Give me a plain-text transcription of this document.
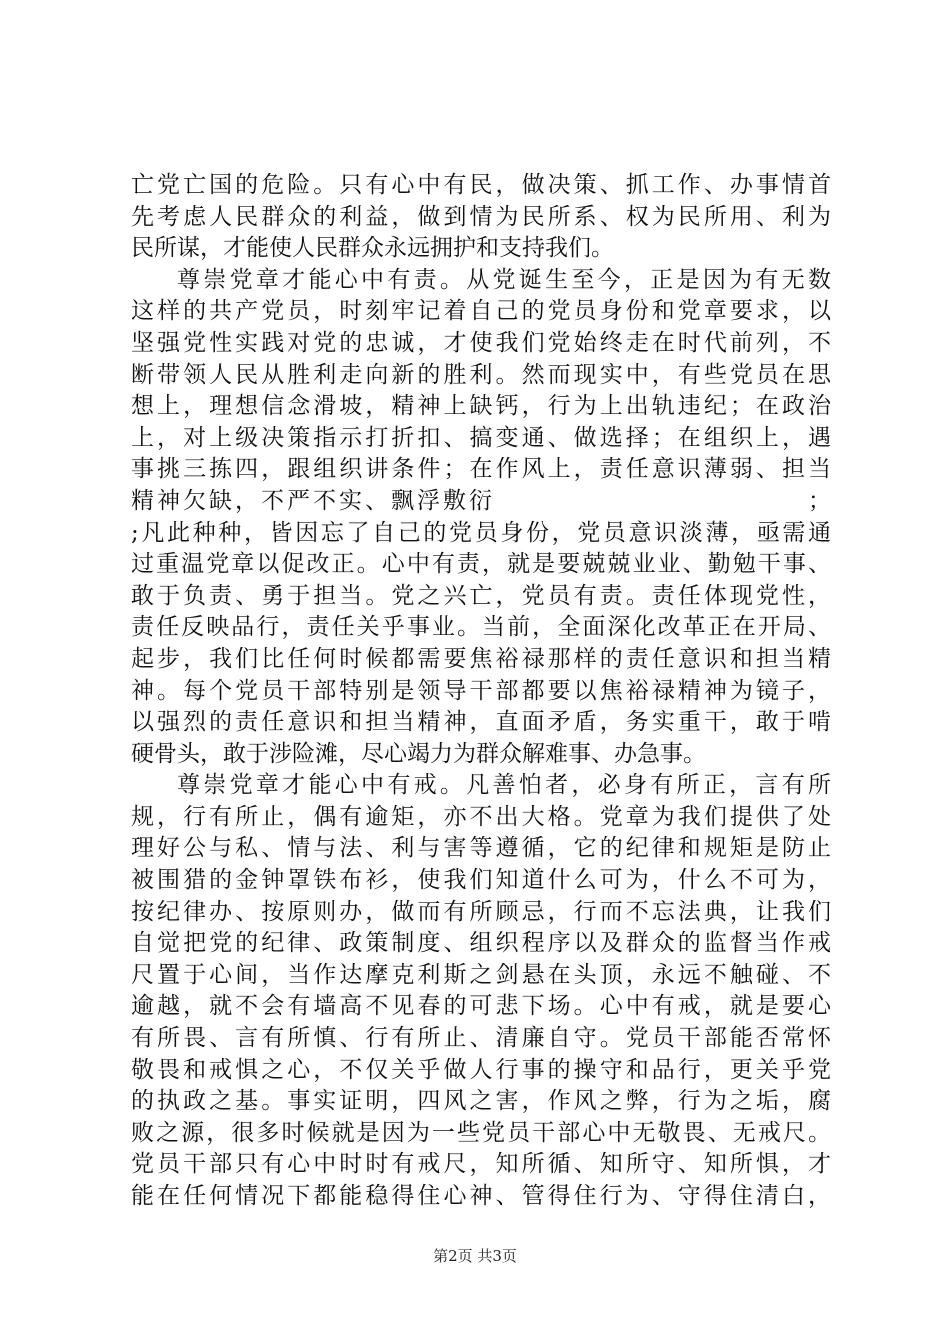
亡党亡国的危险。只有心中有民，做决策、抓工作、办事情首
先考虑人民群众的利益，做到情为民所系、权为民所用、利为
民所谋，才能使人民群众永远拥护和支持我们。
尊崇党章才能心中有责。从党诞生至今，正是因为有无数
这样的共产党员，时刻牢记着自己的党员身份和党章要求，以
坚强党性实践对党的忠诚，才使我们党始终走在时代前列，不
断带领人民从胜利走向新的胜利。然而现实中，有些党员在思
想上，理想信念滑坡，精神上缺钙，行为上出轨违纪；在政治
上，对上级决策指示打折扣、搞变通、做选择；在组织上，遇
事挑三拣四，跟组织讲条件；在作风上，责任意识薄弱、担当
精神欠缺，不严不实、飘浮敷衍	；
;凡此种种，皆因忘了自己的党员身份，党员意识淡薄，亟需通
过重温党章以促改正。心中有责，就是要兢兢业业、勤勉干事、
敢于负责、勇于担当。党之兴亡，党员有责。责任体现党性，
责任反映品行，责任关乎事业。当前，全面深化改革正在开局、
起步，我们比任何时候都需要焦裕禄那样的责任意识和担当精
神。每个党员干部特别是领导干部都要以焦裕禄精神为镜子，
以强烈的责任意识和担当精神，直面矛盾，务实重干，敢于啃
硬骨头，敢于涉险滩，尽心竭力为群众解难事、办急事。
尊崇党章才能心中有戒。凡善怕者，必身有所正，言有所
规，行有所止，偶有逾矩，亦不出大格。党章为我们提供了处
理好公与私、情与法、利与害等遵循，它的纪律和规矩是防止
被围猎的金钟罩铁布衫，使我们知道什么可为，什么不可为，
按纪律办、按原则办，做而有所顾忌，行而不忘法典，让我们
自觉把党的纪律、政策制度、组织程序以及群众的监督当作戒
尺置于心间，当作达摩克利斯之剑悬在头顶，永远不触碰、不
逾越，就不会有墙高不见春的可悲下场。心中有戒，就是要心
有所畏、言有所慎、行有所止、清廉自守。党员干部能否常怀
敬畏和戒惧之心，不仅关乎做人行事的操守和品行，更关乎党
的执政之基。事实证明，四风之害，作风之弊，行为之垢，腐
败之源，很多时候就是因为一些党员干部心中无敬畏、无戒尺。
党员干部只有心中时时有戒尺，知所循、知所守、知所惧，才
能在任何情况下都能稳得住心神、管得住行为、守得住清白，
第2页 共3页
